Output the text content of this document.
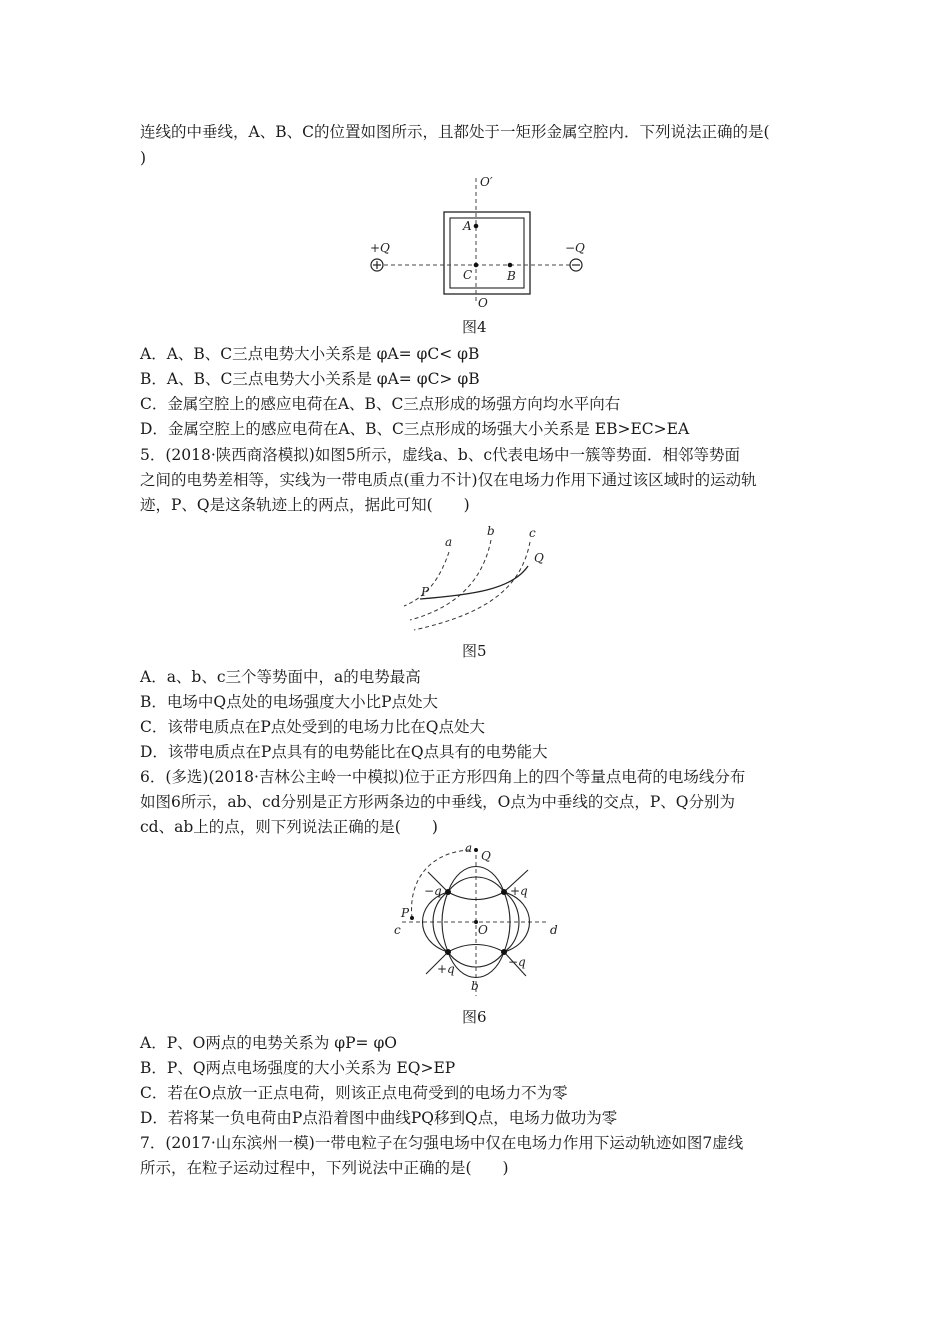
连线的中垂线，A、B、C的位置如图所示，且都处于一矩形金属空腔内．下列说法正确的是(
)
O′
A
+Q	−Q
C	B
O
图4
A．A、B、C三点电势大小关系是 φA= φC< φB
B．A、B、C三点电势大小关系是 φA= φC> φB
C．金属空腔上的感应电荷在A、B、C三点形成的场强方向均水平向右
D．金属空腔上的感应电荷在A、B、C三点形成的场强大小关系是 EB>EC>EA
5．(2018·陕西商洛模拟)如图5所示，虚线a、b、c代表电场中一簇等势面．相邻等势面
之间的电势差相等，实线为一带电质点(重力不计)仅在电场力作用下通过该区域时的运动轨
迹，P、Q是这条轨迹上的两点，据此可知(　　)
a
b	c
Q
P
图5
A．a、b、c三个等势面中，a的电势最高
B．电场中Q点处的电场强度大小比P点处大
C．该带电质点在P点处受到的电场力比在Q点处大
D．该带电质点在P点具有的电势能比在Q点具有的电势能大
6．(多选)(2018·吉林公主岭一中模拟)位于正方形四角上的四个等量点电荷的电场线分布
如图6所示，ab、cd分别是正方形两条边的中垂线，O点为中垂线的交点，P、Q分别为
cd、ab上的点，则下列说法正确的是(　　)
a
Q
−q	+q
P
c	O	d
+q	−q
b
图6
A．P、O两点的电势关系为 φP= φO
B．P、Q两点电场强度的大小关系为 EQ>EP
C．若在O点放一正点电荷，则该正点电荷受到的电场力不为零
D．若将某一负电荷由P点沿着图中曲线PQ移到Q点，电场力做功为零
7．(2017·山东滨州一模)一带电粒子在匀强电场中仅在电场力作用下运动轨迹如图7虚线
所示，在粒子运动过程中，下列说法中正确的是(　　)
